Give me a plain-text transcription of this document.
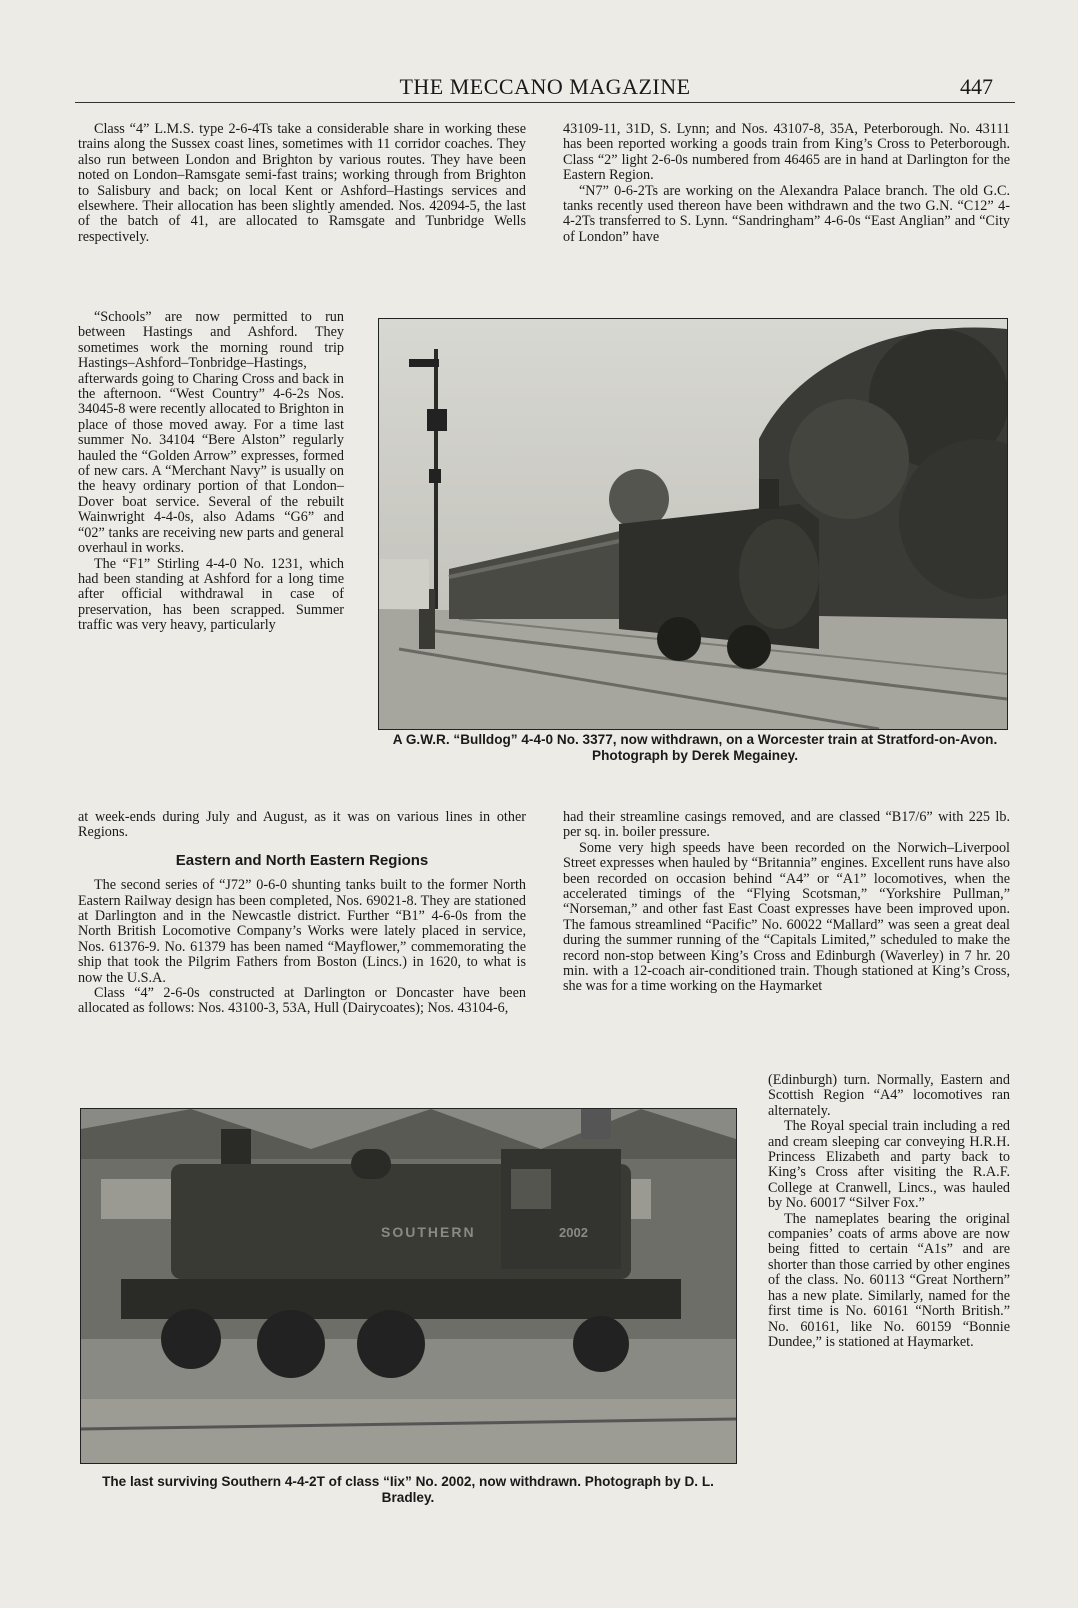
THE MECCANO MAGAZINE	447

Class “4” L.M.S. type 2-6-4Ts take a considerable share in working these trains along the Sussex coast lines, sometimes with 11 corridor coaches. They also run between London and Brighton by various routes. They have been noted on London–Ramsgate semi-fast trains; working through from Brighton to Salisbury and back; on local Kent or Ashford–Hastings services and elsewhere. Their allocation has been slightly amended. Nos. 42094-5, the last of the batch of 41, are allocated to Ramsgate and Tunbridge Wells respectively.

“Schools” are now permitted to run between Hastings and Ashford. They sometimes work the morning round trip Hastings–Ashford–Tonbridge–Hastings, afterwards going to Charing Cross and back in the afternoon. “West Country” 4-6-2s Nos. 34045-8 were recently allocated to Brighton in place of those moved away. For a time last summer No. 34104 “Bere Alston” regularly hauled the “Golden Arrow” expresses, formed of new cars. A “Merchant Navy” is usually on the heavy ordinary portion of that London–Dover boat service. Several of the rebuilt Wainwright 4-4-0s, also Adams “G6” and “02” tanks are receiving new parts and general overhaul in works.

The “F1” Stirling 4-4-0 No. 1231, which had been standing at Ashford for a long time after official withdrawal in case of preservation, has been scrapped. Summer traffic was very heavy, particularly

at week-ends during July and August, as it was on various lines in other Regions.

Eastern and North Eastern Regions

The second series of “J72” 0-6-0 shunting tanks built to the former North Eastern Railway design has been completed, Nos. 69021-8. They are stationed at Darlington and in the Newcastle district. Further “B1” 4-6-0s from the North British Locomotive Company’s Works were lately placed in service, Nos. 61376-9. No. 61379 has been named “Mayflower,” commemorating the ship that took the Pilgrim Fathers from Boston (Lincs.) in 1620, to what is now the U.S.A.

Class “4” 2-6-0s constructed at Darlington or Doncaster have been allocated as follows: Nos. 43100-3, 53A, Hull (Dairycoates); Nos. 43104-6,

43109-11, 31D, S. Lynn; and Nos. 43107-8, 35A, Peterborough. No. 43111 has been reported working a goods train from King’s Cross to Peterborough. Class “2” light 2-6-0s numbered from 46465 are in hand at Darlington for the Eastern Region.

“N7” 0-6-2Ts are working on the Alexandra Palace branch. The old G.C. tanks recently used thereon have been withdrawn and the two G.N. “C12” 4-4-2Ts transferred to S. Lynn. “Sandringham” 4-6-0s “East Anglian” and “City of London” have

A G.W.R. “Bulldog” 4-4-0 No. 3377, now withdrawn, on a Worcester train at Stratford-on-Avon. Photograph by Derek Megainey.

had their streamline casings removed, and are classed “B17/6” with 225 lb. per sq. in. boiler pressure.

Some very high speeds have been recorded on the Norwich–Liverpool Street expresses when hauled by “Britannia” engines. Excellent runs have also been recorded on occasion behind “A4” or “A1” locomotives, when the accelerated timings of the “Flying Scotsman,” “Yorkshire Pullman,” “Norseman,” and other fast East Coast expresses have been improved upon. The famous streamlined “Pacific” No. 60022 “Mallard” was seen a great deal during the summer running of the “Capitals Limited,” scheduled to make the record non-stop between King’s Cross and Edinburgh (Waverley) in 7 hr. 20 min. with a 12-coach air-conditioned train. Though stationed at King’s Cross, she was for a time working on the Haymarket

(Edinburgh) turn. Normally, Eastern and Scottish Region “A4” locomotives ran alternately.

The Royal special train including a red and cream sleeping car conveying H.R.H. Princess Elizabeth and party back to King’s Cross after visiting the R.A.F. College at Cranwell, Lincs., was hauled by No. 60017 “Silver Fox.”

The nameplates bearing the original companies’ coats of arms above are now being fitted to certain “A1s” and are shorter than those carried by other engines of the class. No. 60113 “Great Northern” has a new plate. Similarly, named for the first time is No. 60161 “North British.” No. 60161, like No. 60159 “Bonnie Dundee,” is stationed at Haymarket.

SOUTHERN	2002
The last surviving Southern 4-4-2T of class “Iix” No. 2002, now withdrawn. Photograph by D. L. Bradley.
